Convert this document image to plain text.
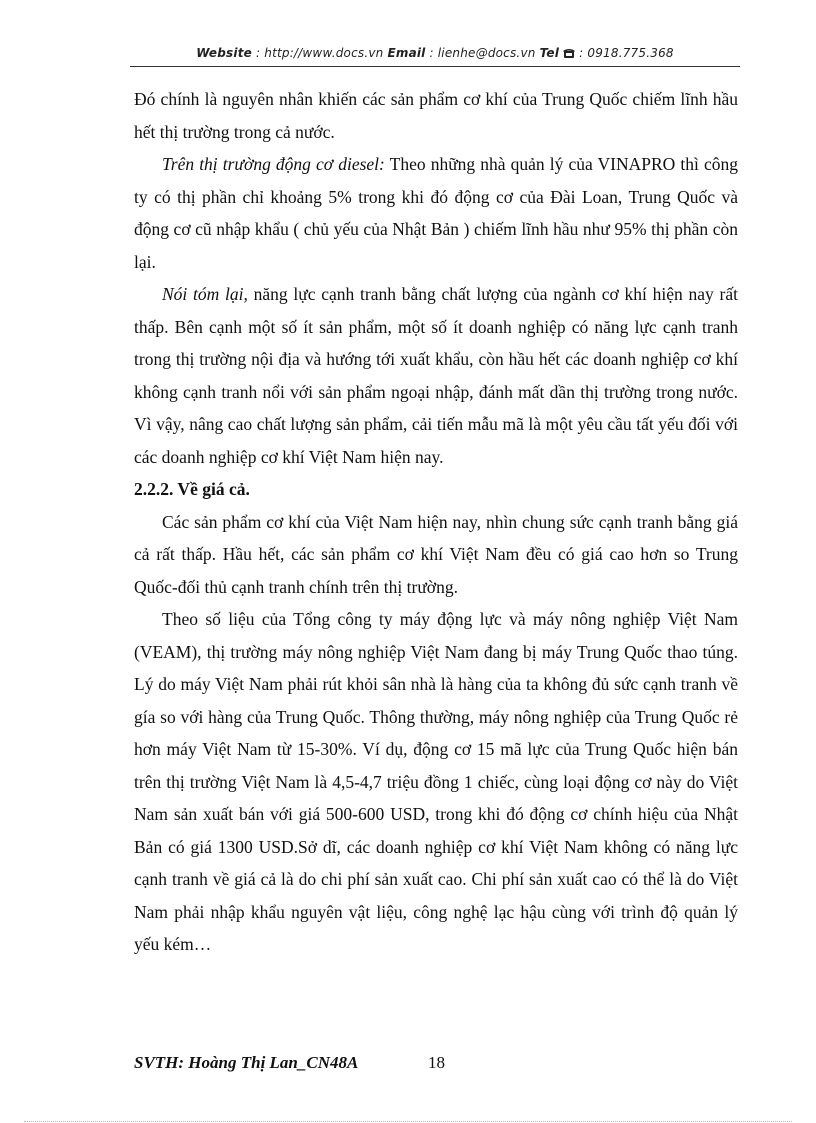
Website : http://www.docs.vn Email : lienhe@docs.vn Tel : 0918.775.368

Đó chính là nguyên nhân khiến các sản phẩm cơ khí của Trung Quốc chiếm lĩnh hầu hết thị trường trong cả nước.

Trên thị trường động cơ diesel: Theo những nhà quản lý của VINAPRO thì công ty có thị phần chỉ khoảng 5% trong khi đó động cơ của Đài Loan, Trung Quốc và động cơ cũ nhập khẩu ( chủ yếu của Nhật Bản ) chiếm lĩnh hầu như 95% thị phần còn lại.

Nói tóm lại, năng lực cạnh tranh bằng chất lượng của ngành cơ khí hiện nay rất thấp. Bên cạnh một số ít sản phẩm, một số ít doanh nghiệp có năng lực cạnh tranh trong thị trường nội địa và hướng tới xuất khẩu, còn hầu hết các doanh nghiệp cơ khí không cạnh tranh nổi với sản phẩm ngoại nhập, đánh mất dần thị trường trong nước. Vì vậy, nâng cao chất lượng sản phẩm, cải tiến mẫu mã là một yêu cầu tất yếu đối với các doanh nghiệp cơ khí Việt Nam hiện nay.

2.2.2. Về giá cả.

Các sản phẩm cơ khí của Việt Nam hiện nay, nhìn chung sức cạnh tranh bằng giá cả rất thấp. Hầu hết, các sản phẩm cơ khí Việt Nam đều có giá cao hơn so Trung Quốc-đối thủ cạnh tranh chính trên thị trường.

Theo số liệu của Tổng công ty máy động lực và máy nông nghiệp Việt Nam (VEAM), thị trường máy nông nghiệp Việt Nam đang bị máy Trung Quốc thao túng. Lý do máy Việt Nam phải rút khỏi sân nhà là hàng của ta không đủ sức cạnh tranh về gía so với hàng của Trung Quốc. Thông thường, máy nông nghiệp của Trung Quốc rẻ hơn máy Việt Nam từ 15-30%. Ví dụ, động cơ 15 mã lực của Trung Quốc hiện bán trên thị trường Việt Nam là 4,5-4,7 triệu đồng 1 chiếc, cùng loại động cơ này do Việt Nam sản xuất bán với giá 500-600 USD, trong khi đó động cơ chính hiệu của Nhật Bản có giá 1300 USD.Sở dĩ, các doanh nghiệp cơ khí Việt Nam không có năng lực cạnh tranh về giá cả là do chi phí sản xuất cao. Chi phí sản xuất cao có thể là do Việt Nam phải nhập khẩu nguyên vật liệu, công nghệ lạc hậu cùng với trình độ quản lý yếu kém…

SVTH: Hoàng Thị Lan_CN48A	18
